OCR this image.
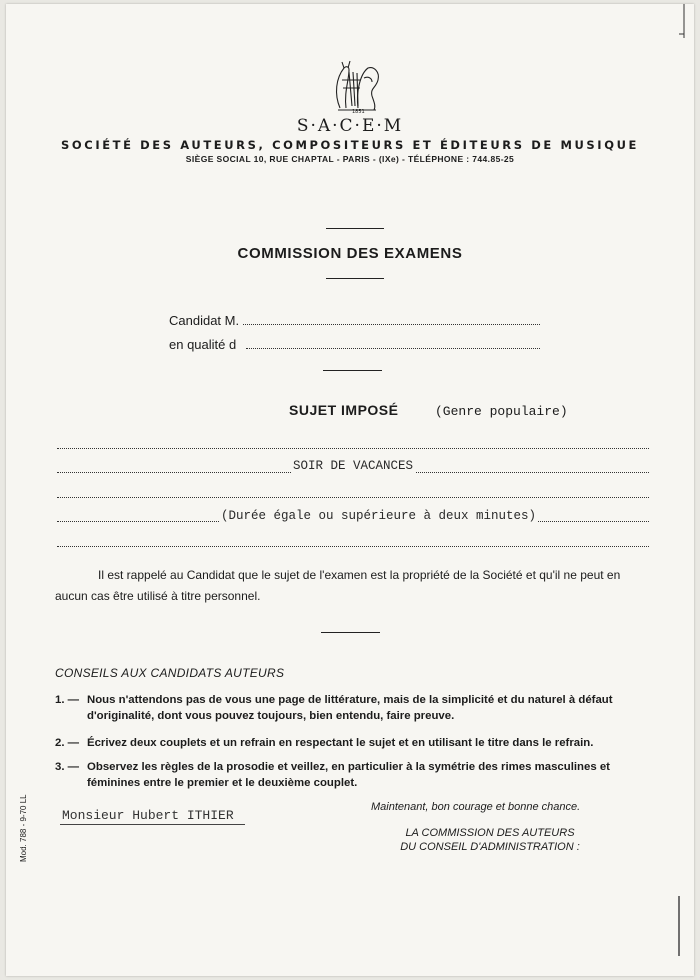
1851
S·A·C·E·M
SOCIÉTÉ DES AUTEURS, COMPOSITEURS ET ÉDITEURS DE MUSIQUE
SIÈGE SOCIAL 10, RUE CHAPTAL - PARIS - (IXe) - TÉLÉPHONE : 744.85-25
COMMISSION DES EXAMENS
Candidat M.
en qualité d
SUJET IMPOSÉ	(Genre populaire)
SOIR DE VACANCES
(Durée égale ou supérieure à deux minutes)
Il est rappelé au Candidat que le sujet de l'examen est la propriété de la Société et qu'il ne peut en aucun cas être utilisé à titre personnel.
CONSEILS AUX CANDIDATS AUTEURS
1. — Nous n'attendons pas de vous une page de littérature, mais de la simplicité et du naturel à défaut d'originalité, dont vous pouvez toujours, bien entendu, faire preuve.
2. — Écrivez deux couplets et un refrain en respectant le sujet et en utilisant le titre dans le refrain.
3. — Observez les règles de la prosodie et veillez, en particulier à la symétrie des rimes masculines et féminines entre le premier et le deuxième couplet.
Monsieur Hubert ITHIER
Maintenant, bon courage et bonne chance.
LA COMMISSION DES AUTEURS
DU CONSEIL D'ADMINISTRATION :
Mod. 788 - 9-70 LL
